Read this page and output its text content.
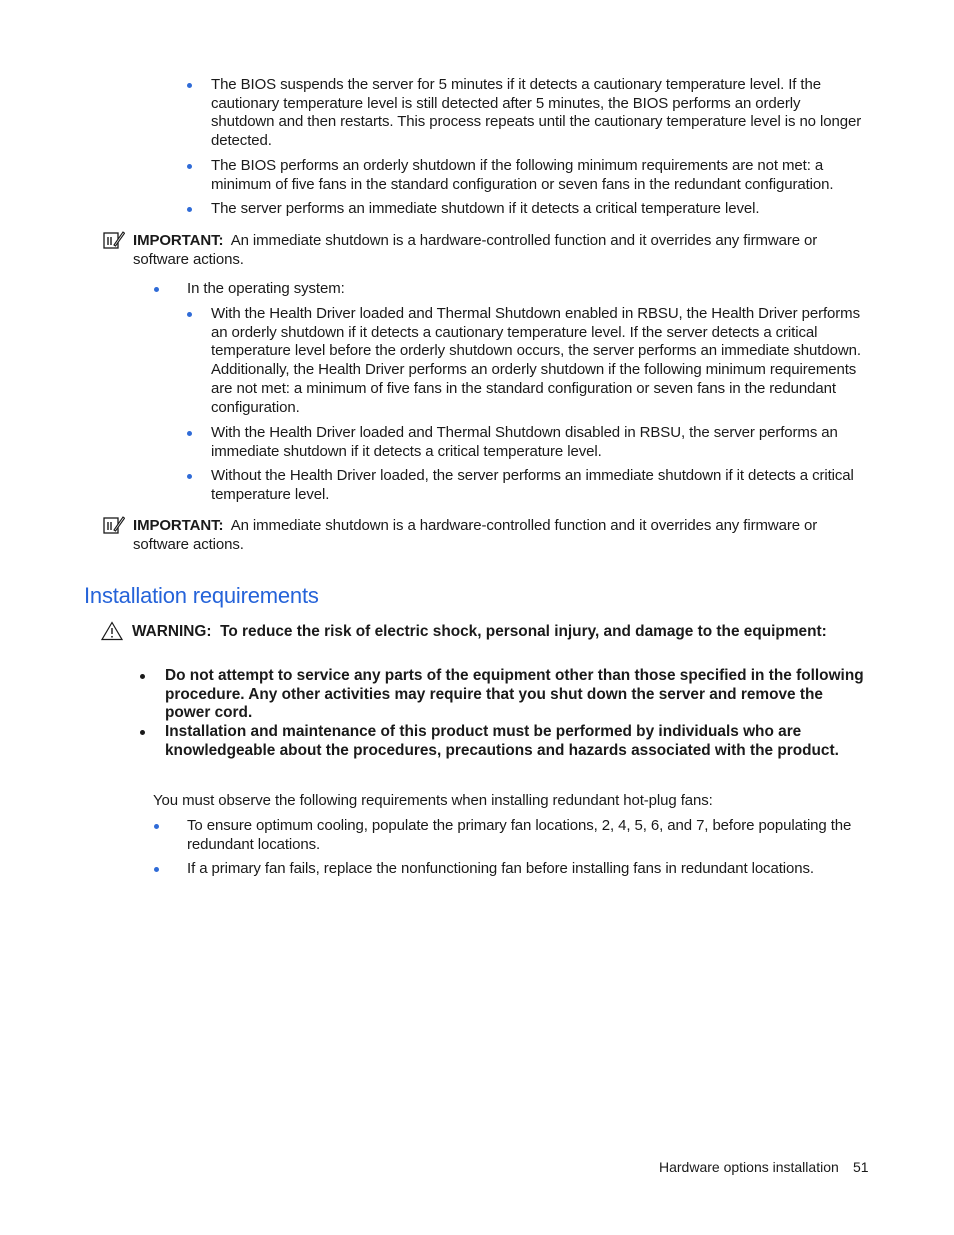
The BIOS suspends the server for 5 minutes if it detects a cautionary temperature level. If the cautionary temperature level is still detected after 5 minutes, the BIOS performs an orderly shutdown and then restarts. This process repeats until the cautionary temperature level is no longer detected.
The BIOS performs an orderly shutdown if the following minimum requirements are not met: a minimum of five fans in the standard configuration or seven fans in the redundant configuration.
The server performs an immediate shutdown if it detects a critical temperature level.
IMPORTANT: An immediate shutdown is a hardware-controlled function and it overrides any firmware or software actions.
In the operating system:
With the Health Driver loaded and Thermal Shutdown enabled in RBSU, the Health Driver performs an orderly shutdown if it detects a cautionary temperature level. If the server detects a critical temperature level before the orderly shutdown occurs, the server performs an immediate shutdown. Additionally, the Health Driver performs an orderly shutdown if the following minimum requirements are not met: a minimum of five fans in the standard configuration or seven fans in the redundant configuration.
With the Health Driver loaded and Thermal Shutdown disabled in RBSU, the server performs an immediate shutdown if it detects a critical temperature level.
Without the Health Driver loaded, the server performs an immediate shutdown if it detects a critical temperature level.
IMPORTANT: An immediate shutdown is a hardware-controlled function and it overrides any firmware or software actions.
Installation requirements
WARNING: To reduce the risk of electric shock, personal injury, and damage to the equipment:
Do not attempt to service any parts of the equipment other than those specified in the following procedure. Any other activities may require that you shut down the server and remove the power cord.
Installation and maintenance of this product must be performed by individuals who are knowledgeable about the procedures, precautions and hazards associated with the product.
You must observe the following requirements when installing redundant hot-plug fans:
To ensure optimum cooling, populate the primary fan locations, 2, 4, 5, 6, and 7, before populating the redundant locations.
If a primary fan fails, replace the nonfunctioning fan before installing fans in redundant locations.
Hardware options installation 51
